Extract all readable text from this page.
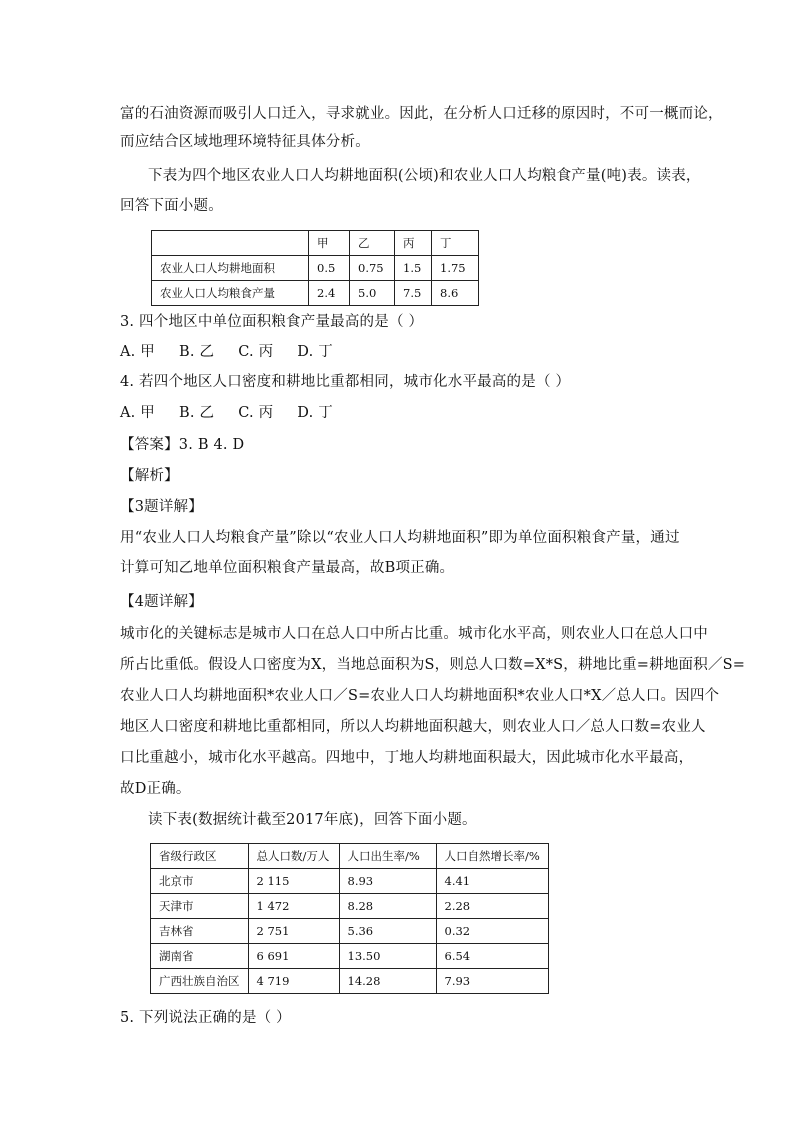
富的石油资源而吸引人口迁入，寻求就业。因此，在分析人口迁移的原因时，不可一概而论，
而应结合区域地理环境特征具体分析。
下表为四个地区农业人口人均耕地面积(公顷)和农业人口人均粮食产量(吨)表。读表，
回答下面小题。
	甲	乙	丙	丁
农业人口人均耕地面积	0.5	0.75	1.5	1.75
农业人口人均粮食产量	2.4	5.0	7.5	8.6
3. 四个地区中单位面积粮食产量最高的是（ ）
A. 甲 B. 乙 C. 丙 D. 丁
4. 若四个地区人口密度和耕地比重都相同，城市化水平最高的是（ ）
A. 甲 B. 乙 C. 丙 D. 丁
【答案】3. B 4. D
【解析】
【3题详解】
用“农业人口人均粮食产量”除以“农业人口人均耕地面积”即为单位面积粮食产量，通过
计算可知乙地单位面积粮食产量最高，故B项正确。
【4题详解】
城市化的关键标志是城市人口在总人口中所占比重。城市化水平高，则农业人口在总人口中
所占比重低。假设人口密度为X，当地总面积为S，则总人口数=X*S，耕地比重=耕地面积／S=
农业人口人均耕地面积*农业人口／S=农业人口人均耕地面积*农业人口*X／总人口。因四个
地区人口密度和耕地比重都相同，所以人均耕地面积越大，则农业人口／总人口数=农业人
口比重越小，城市化水平越高。四地中，丁地人均耕地面积最大，因此城市化水平最高，
故D正确。
读下表(数据统计截至2017年底)，回答下面小题。
省级行政区	总人口数/万人	人口出生率/%	人口自然增长率/%
北京市	2 115	8.93	4.41
天津市	1 472	8.28	2.28
吉林省	2 751	5.36	0.32
湖南省	6 691	13.50	6.54
广西壮族自治区	4 719	14.28	7.93
5. 下列说法正确的是（ ）
